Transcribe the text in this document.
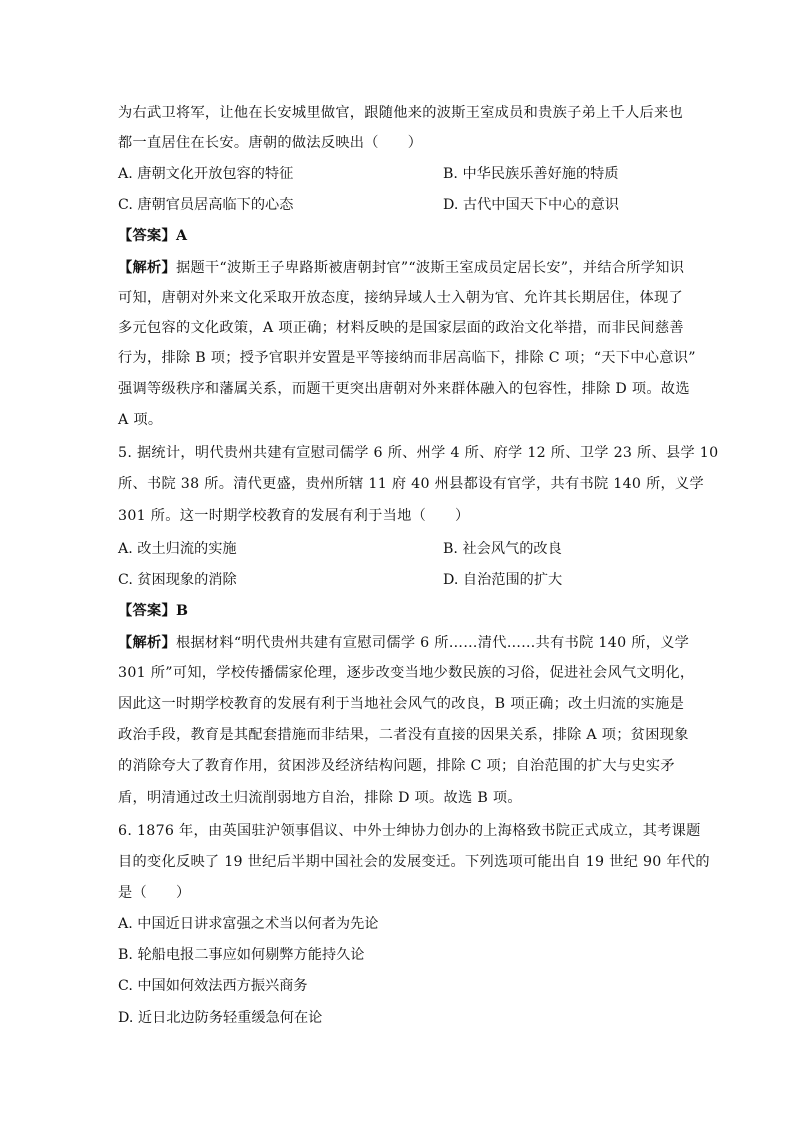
为右武卫将军，让他在长安城里做官，跟随他来的波斯王室成员和贵族子弟上千人后来也
都一直居住在长安。唐朝的做法反映出（　　）
A. 唐朝文化开放包容的特征	B. 中华民族乐善好施的特质
C. 唐朝官员居高临下的心态	D. 古代中国天下中心的意识
【答案】A
【解析】据题干“波斯王子卑路斯被唐朝封官”“波斯王室成员定居长安”，并结合所学知识
可知，唐朝对外来文化采取开放态度，接纳异域人士入朝为官、允许其长期居住，体现了
多元包容的文化政策，A 项正确；材料反映的是国家层面的政治文化举措，而非民间慈善
行为，排除 B 项；授予官职并安置是平等接纳而非居高临下，排除 C 项；“天下中心意识”
强调等级秩序和藩属关系，而题干更突出唐朝对外来群体融入的包容性，排除 D 项。故选
A 项。
5. 据统计，明代贵州共建有宣慰司儒学 6 所、州学 4 所、府学 12 所、卫学 23 所、县学 10
所、书院 38 所。清代更盛，贵州所辖 11 府 40 州县都设有官学，共有书院 140 所，义学
301 所。这一时期学校教育的发展有利于当地（　　）
A. 改土归流的实施	B. 社会风气的改良
C. 贫困现象的消除	D. 自治范围的扩大
【答案】B
【解析】根据材料“明代贵州共建有宣慰司儒学 6 所……清代……共有书院 140 所，义学
301 所”可知，学校传播儒家伦理，逐步改变当地少数民族的习俗，促进社会风气文明化，
因此这一时期学校教育的发展有利于当地社会风气的改良，B 项正确；改土归流的实施是
政治手段，教育是其配套措施而非结果，二者没有直接的因果关系，排除 A 项；贫困现象
的消除夸大了教育作用，贫困涉及经济结构问题，排除 C 项；自治范围的扩大与史实矛
盾，明清通过改土归流削弱地方自治，排除 D 项。故选 B 项。
6. 1876 年，由英国驻沪领事倡议、中外士绅协力创办的上海格致书院正式成立，其考课题
目的变化反映了 19 世纪后半期中国社会的发展变迁。下列选项可能出自 19 世纪 90 年代的
是（　　）
A. 中国近日讲求富强之术当以何者为先论
B. 轮船电报二事应如何剔弊方能持久论
C. 中国如何效法西方振兴商务
D. 近日北边防务轻重缓急何在论
